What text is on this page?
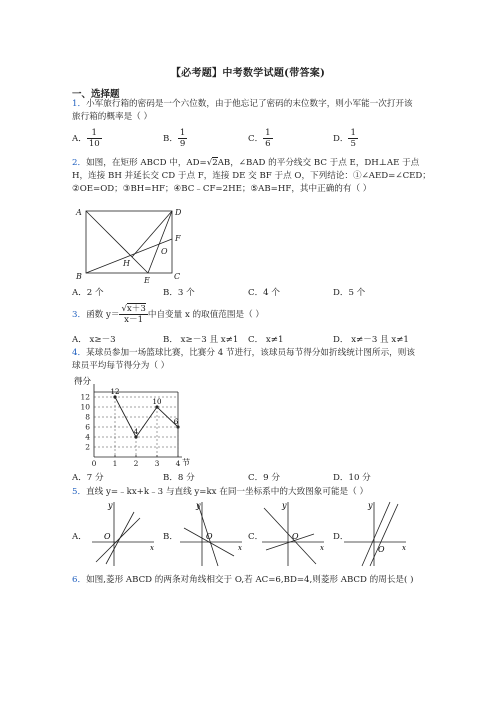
【必考题】中考数学试题(带答案)
一、选择题
1．小军旅行箱的密码是一个六位数，由于他忘记了密码的末位数字，则小军能一次打开该
旅行箱的概率是（ ）
A． $\frac{1}{10}$	B． $\frac{1}{9}$	C． $\frac{1}{6}$	D． $\frac{1}{5}$
2．如图，在矩形 ABCD 中，AD=√2AB，∠BAD 的平分线交 BC 于点 E，DH⊥AE 于点
H，连接 BH 并延长交 CD 于点 F，连接 DE 交 BF 于点 O，下列结论：①∠AED=∠CED；
②OE=OD；③BH=HF；④BC﹣CF=2HE；⑤AB=HF，其中正确的有（ ）
A	D
B	C
E
F
H
O
A．2 个	B．3 个	C．4 个	D．5 个
3．函数 $y= \frac{√x+3}{x-1}$ 中自变量 x 的取值范围是（ ）
A． x≥－3	B． x≥－3 且 x≠1 C． x≠1	D． x≠－3 且 x≠1
4．某球员参加一场篮球比赛，比赛分 4 节进行，该球员每节得分如折线统计图所示，则该
球员平均每节得分为（ ）
得分
节
2
4
6
8
10
12
0 1 2 3 4
12
4
10
6
A．7 分	B．8 分	C．9 分	D．10 分
5．直线 y=﹣kx+k﹣3 与直线 y=kx 在同一坐标系中的大致图象可能是（ ）
A．	B．	C．	D．
y
x
O
y
x
O
y
x
O
y
x
O
6．如图,菱形 ABCD 的两条对角线相交于 O,若 AC=6,BD=4,则菱形 ABCD 的周长是( )
